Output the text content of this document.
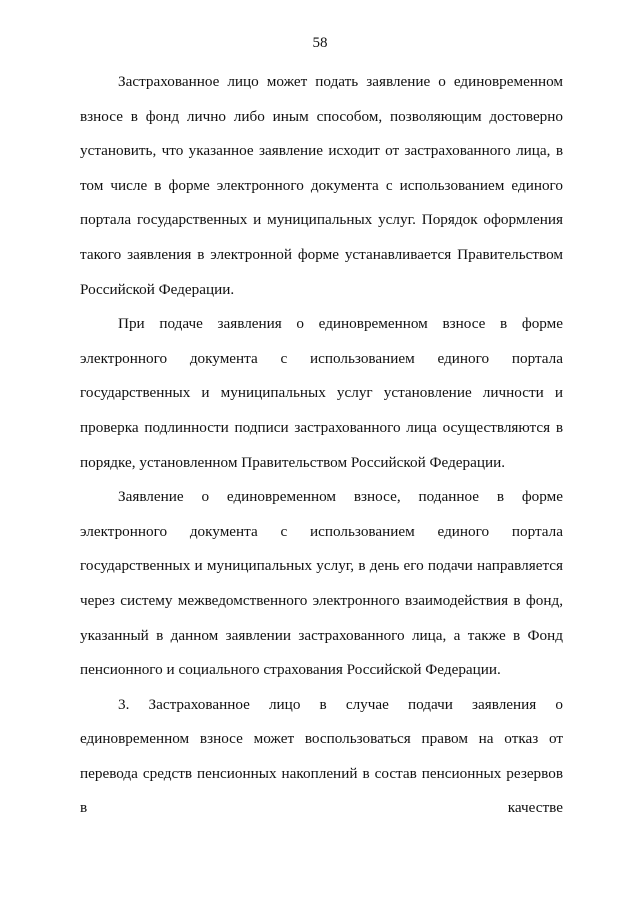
58

Застрахованное лицо может подать заявление о единовременном взносе в фонд лично либо иным способом, позволяющим достоверно установить, что указанное заявление исходит от застрахованного лица, в том числе в форме электронного документа с использованием единого портала государственных и муниципальных услуг. Порядок оформления такого заявления в электронной форме устанавливается Правительством Российской Федерации.

При подаче заявления о единовременном взносе в форме электронного документа с использованием единого портала государственных и муниципальных услуг установление личности и проверка подлинности подписи застрахованного лица осуществляются в порядке, установленном Правительством Российской Федерации.

Заявление о единовременном взносе, поданное в форме электронного документа с использованием единого портала государственных и муниципальных услуг, в день его подачи направляется через систему межведомственного электронного взаимодействия в фонд, указанный в данном заявлении застрахованного лица, а также в Фонд пенсионного и социального страхования Российской Федерации.

3. Застрахованное лицо в случае подачи заявления о единовременном взносе может воспользоваться правом на отказ от перевода средств пенсионных накоплений в состав пенсионных резервов в качестве
